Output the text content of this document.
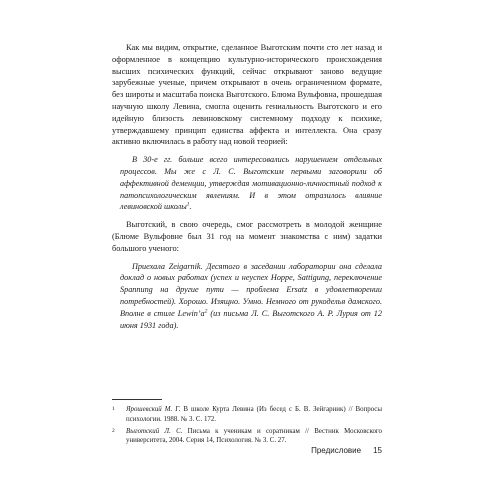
Как мы видим, открытие, сделанное Выготским почти сто лет назад и оформленное в концепцию культурно-исторического происхождения высших психических функций, сейчас открывают заново ведущие зарубежные ученые, причем открывают в очень ограниченном формате, без широты и масштаба поиска Выготского. Блюма Вульфовна, прошедшая научную школу Левина, смогла оценить гениальность Выготского и его идейную близость левиновскому системному подходу к психике, утверждавшему принцип единства аффекта и интеллекта. Она сразу активно включилась в работу над новой теорией:

В 30-е гг. больше всего интересовались нарушением отдельных процессов. Мы же с Л. С. Выготским первыми заговорили об аффективной деменции, утверждая мотивационно-личностный подход к патопсихологическим явлениям. И в этом отразилось влияние левиновской школы$^1$.

Выготский, в свою очередь, смог рассмотреть в молодой женщине (Блюме Вульфовне был 31 год на момент знакомства с ним) задатки большого ученого:

Приехала Zeigarnik. Десятого в заседании лаборатории она сделала доклад о новых работах (успех и неуспех Hoppe, Sattigung, переключение Spannung на другие пути — проблема Ersatz в удовлетворении потребностей). Хорошо. Изящно. Умно. Немного от рукоделья дамского. Вполне в стиле $Lewin’a^2$ (из письма Л. С. Выготского А. Р. Лурия от 12 июня 1931 года).

1 Ярошевский М. Г. В школе Курта Левина (Из бесед с Б. В. Зейгарник) // Вопросы психологии. 1988. № 3. С. 172.

2 Выготский Л. С. Письма к ученикам и соратникам // Вестник Московского университета, 2004. Серия 14, Психология. № 3. С. 27.

Предисловие 15
